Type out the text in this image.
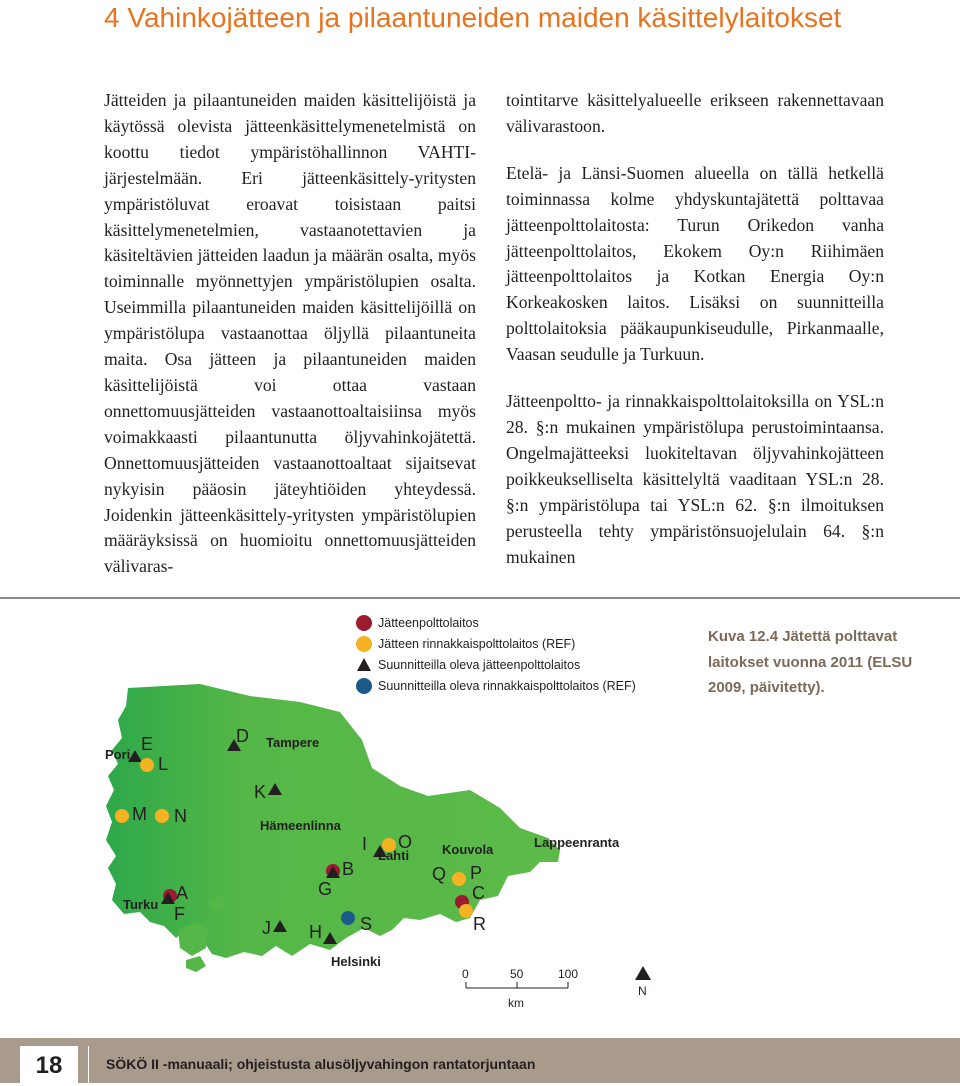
4 Vahinkojätteen ja pilaantuneiden maiden käsittelylaitokset

Jätteiden ja pilaantuneiden maiden käsittelijöistä ja käytössä olevista jätteenkäsittelymenetelmistä on koottu tiedot ympäristöhallinnon VAHTI-järjestelmään. Eri jätteenkäsittely-yritysten ympäristöluvat eroavat toisistaan paitsi käsittelymenetelmien, vastaanotettavien ja käsiteltävien jätteiden laadun ja määrän osalta, myös toiminnalle myönnettyjen ympäristölupien osalta. Useimmilla pilaantuneiden maiden käsittelijöillä on ympäristölupa vastaanottaa öljyllä pilaantuneita maita. Osa jätteen ja pilaantuneiden maiden käsittelijöistä voi ottaa vastaan onnettomuusjätteiden vastaanottoaltaisiinsa myös voimakkaasti pilaantunutta öljyvahinkojätettä. Onnettomuusjätteiden vastaanottoaltaat sijaitsevat nykyisin pääosin jäteyhtiöiden yhteydessä. Joidenkin jätteenkäsittely-yritysten ympäristölupien määräyksissä on huomioitu onnettomuusjätteiden välivaras-

tointitarve käsittelyalueelle erikseen rakennettavaan välivarastoon.

Etelä- ja Länsi-Suomen alueella on tällä hetkellä toiminnassa kolme yhdyskuntajätettä polttavaa jätteenpolttolaitosta: Turun Orikedon vanha jätteenpolttolaitos, Ekokem Oy:n Riihimäen jätteenpolttolaitos ja Kotkan Energia Oy:n Korkeakosken laitos. Lisäksi on suunnitteilla polttolaitoksia pääkaupunkiseudulle, Pirkanmaalle, Vaasan seudulle ja Turkuun.

Jätteenpoltto- ja rinnakkaispolttolaitoksilla on YSL:n 28. §:n mukainen ympäristölupa perustoimintaansa. Ongelmajätteeksi luokiteltavan öljyvahinkojätteen poikkeukselliselta käsittelyltä vaaditaan YSL:n 28. §:n ympäristölupa tai YSL:n 62. §:n ilmoituksen perusteella tehty ympäristönsuojelulain 64. §:n mukainen

E
L
M N
D
K
A
F
B
G
I O
J H S
Q P
C
R
Pori
Tampere
Hämeenlinna
Lahti	Kouvola	Lappeenranta
Turku
Helsinki
0	50	100
km
N
Jätteenpolttolaitos
Jätteen rinnakkaispolttolaitos (REF)
Suunnitteilla oleva jätteenpolttolaitos
Suunnitteilla oleva rinnakkaispolttolaitos (REF)
Kuva 12.4 Jätettä polttavat laitokset vuonna 2011 (ELSU 2009, päivitetty).
18	SÖKÖ II -manuaali; ohjeistusta alusöljyvahingon rantatorjuntaan
